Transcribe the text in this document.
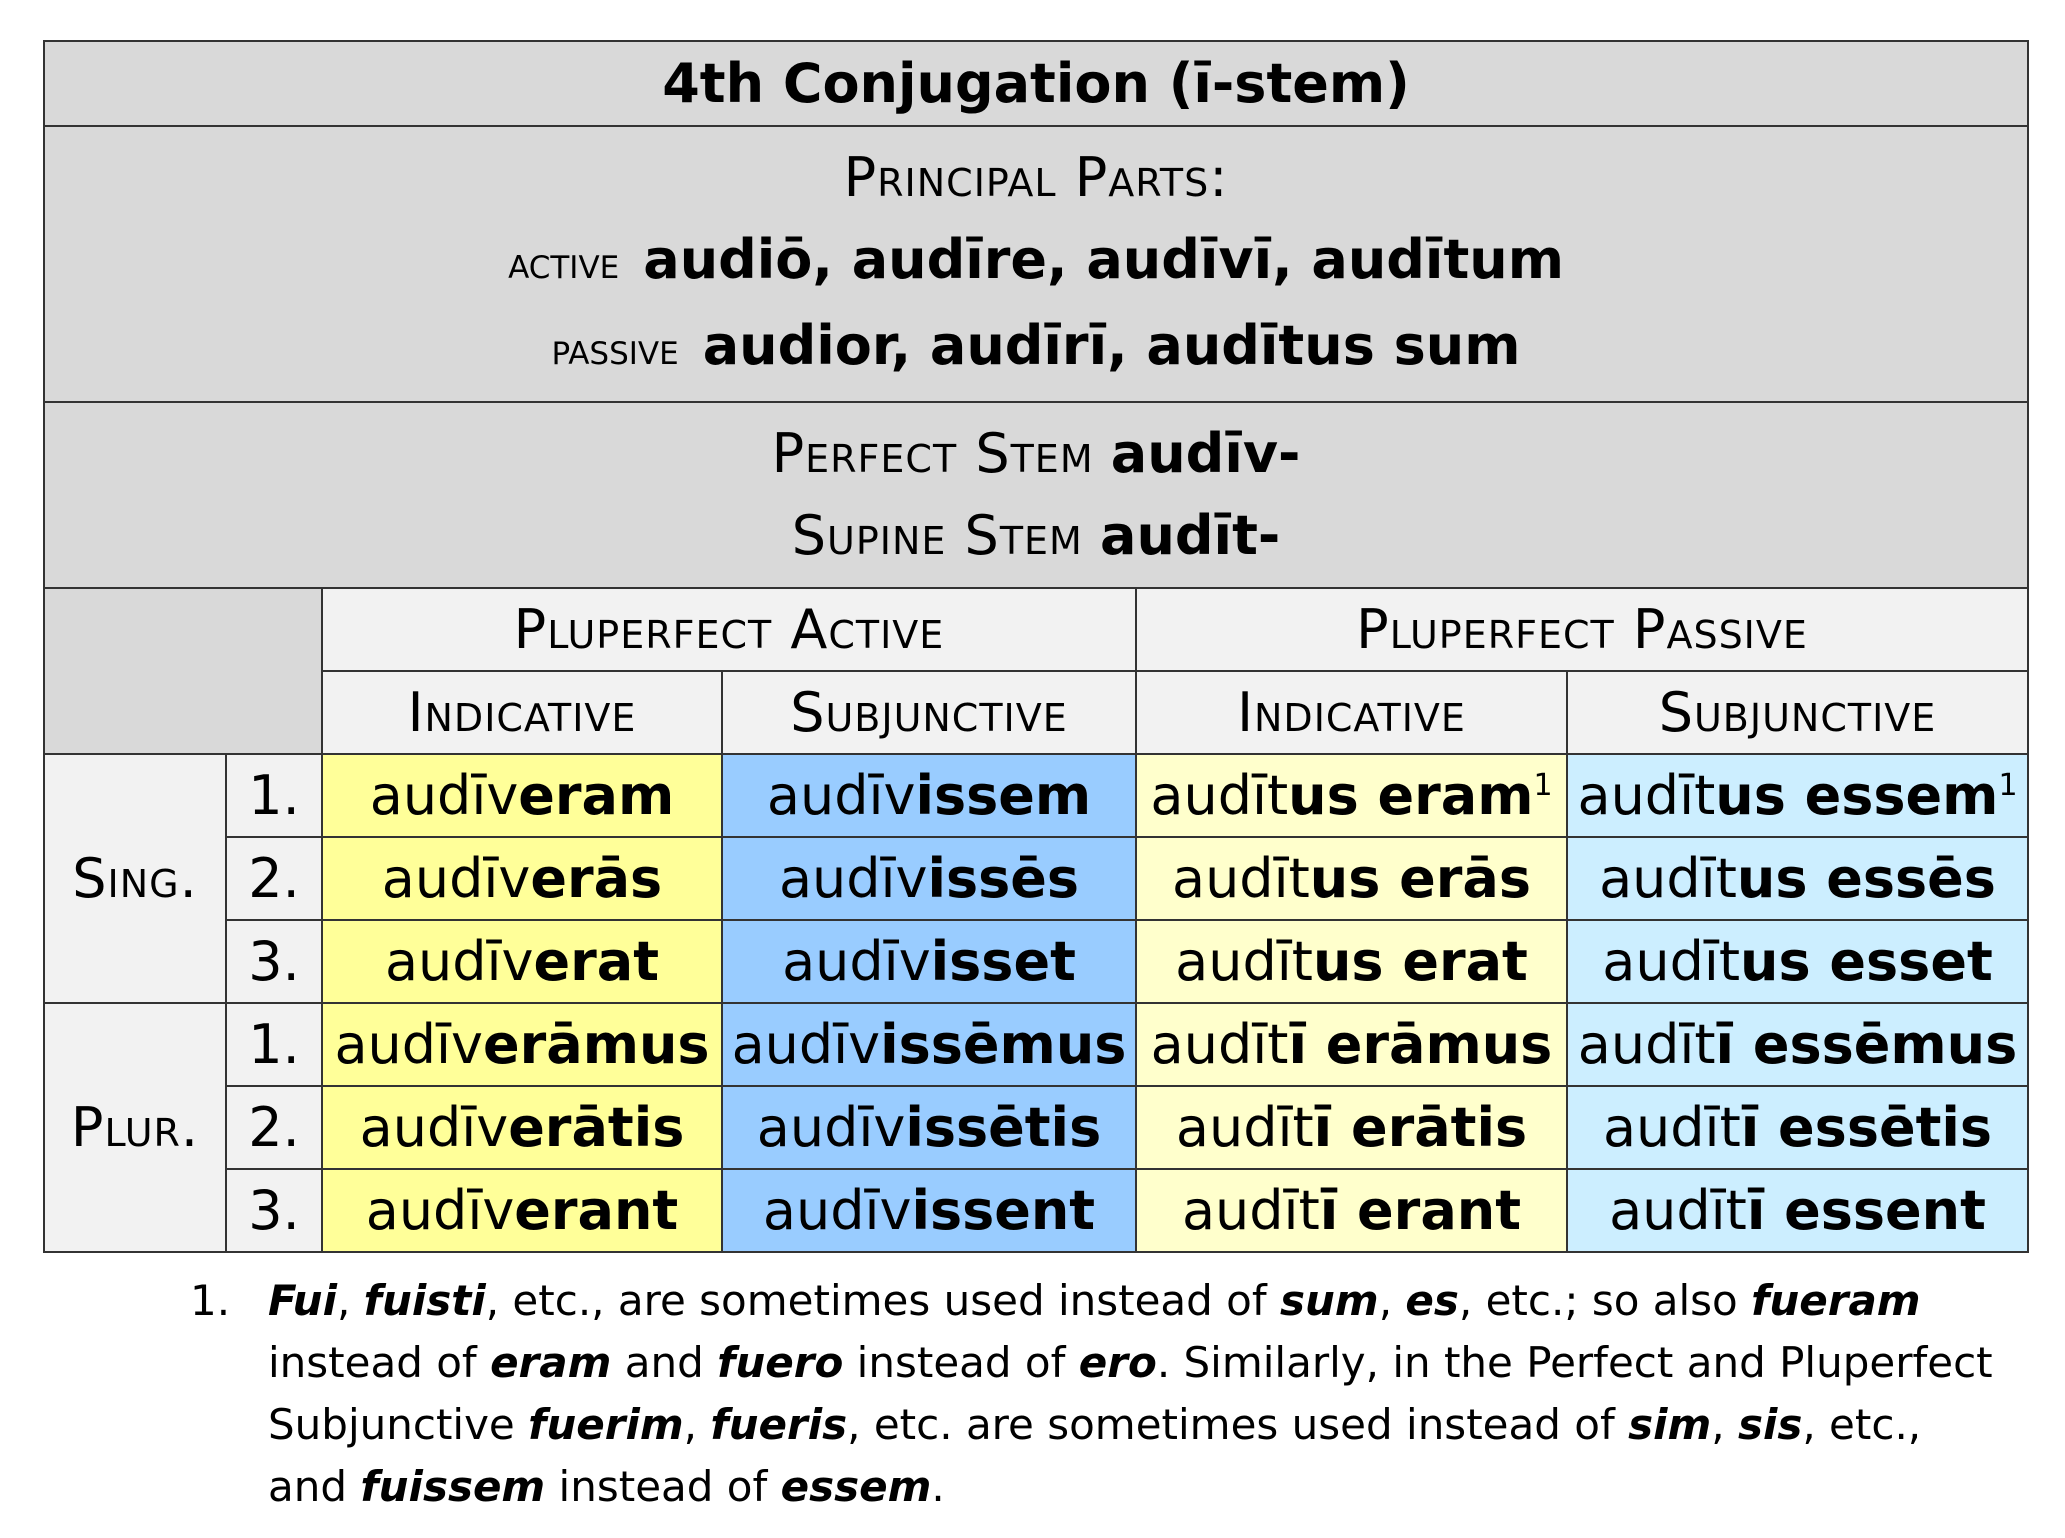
4th Conjugation (ī-stem)					

Principal Parts:
active audiō, audīre, audīvī, audītum
passive audior, audīrī, audītus sum					

Perfect Stem audīv-
Supine Stem audīt-					

		Pluperfect Active		Pluperfect Passive	
		Indicative	Subjunctive	Indicative	Subjunctive
Sing.	1.	audīveram	audīvissem	audītus eram$^1$	audītus essem$^1$
	2.	audīverās	audīvissēs	audītus erās	audītus essēs
	3.	audīverat	audīvisset	audītus erat	audītus esset
Plur.	1.	audīverāmus	audīvissēmus	audītī erāmus	audītī essēmus
	2.	audīverātis	audīvissētis	audītī erātis	audītī essētis
	3.	audīverant	audīvissent	audītī erant	audītī essent
1. Fui, fuisti, etc., are sometimes used instead of sum, es, etc.; so also fueram instead of eram and fuero instead of ero. Similarly, in the Perfect and Pluperfect Subjunctive fuerim, fueris, etc. are sometimes used instead of sim, sis, etc., and fuissem instead of essem.
